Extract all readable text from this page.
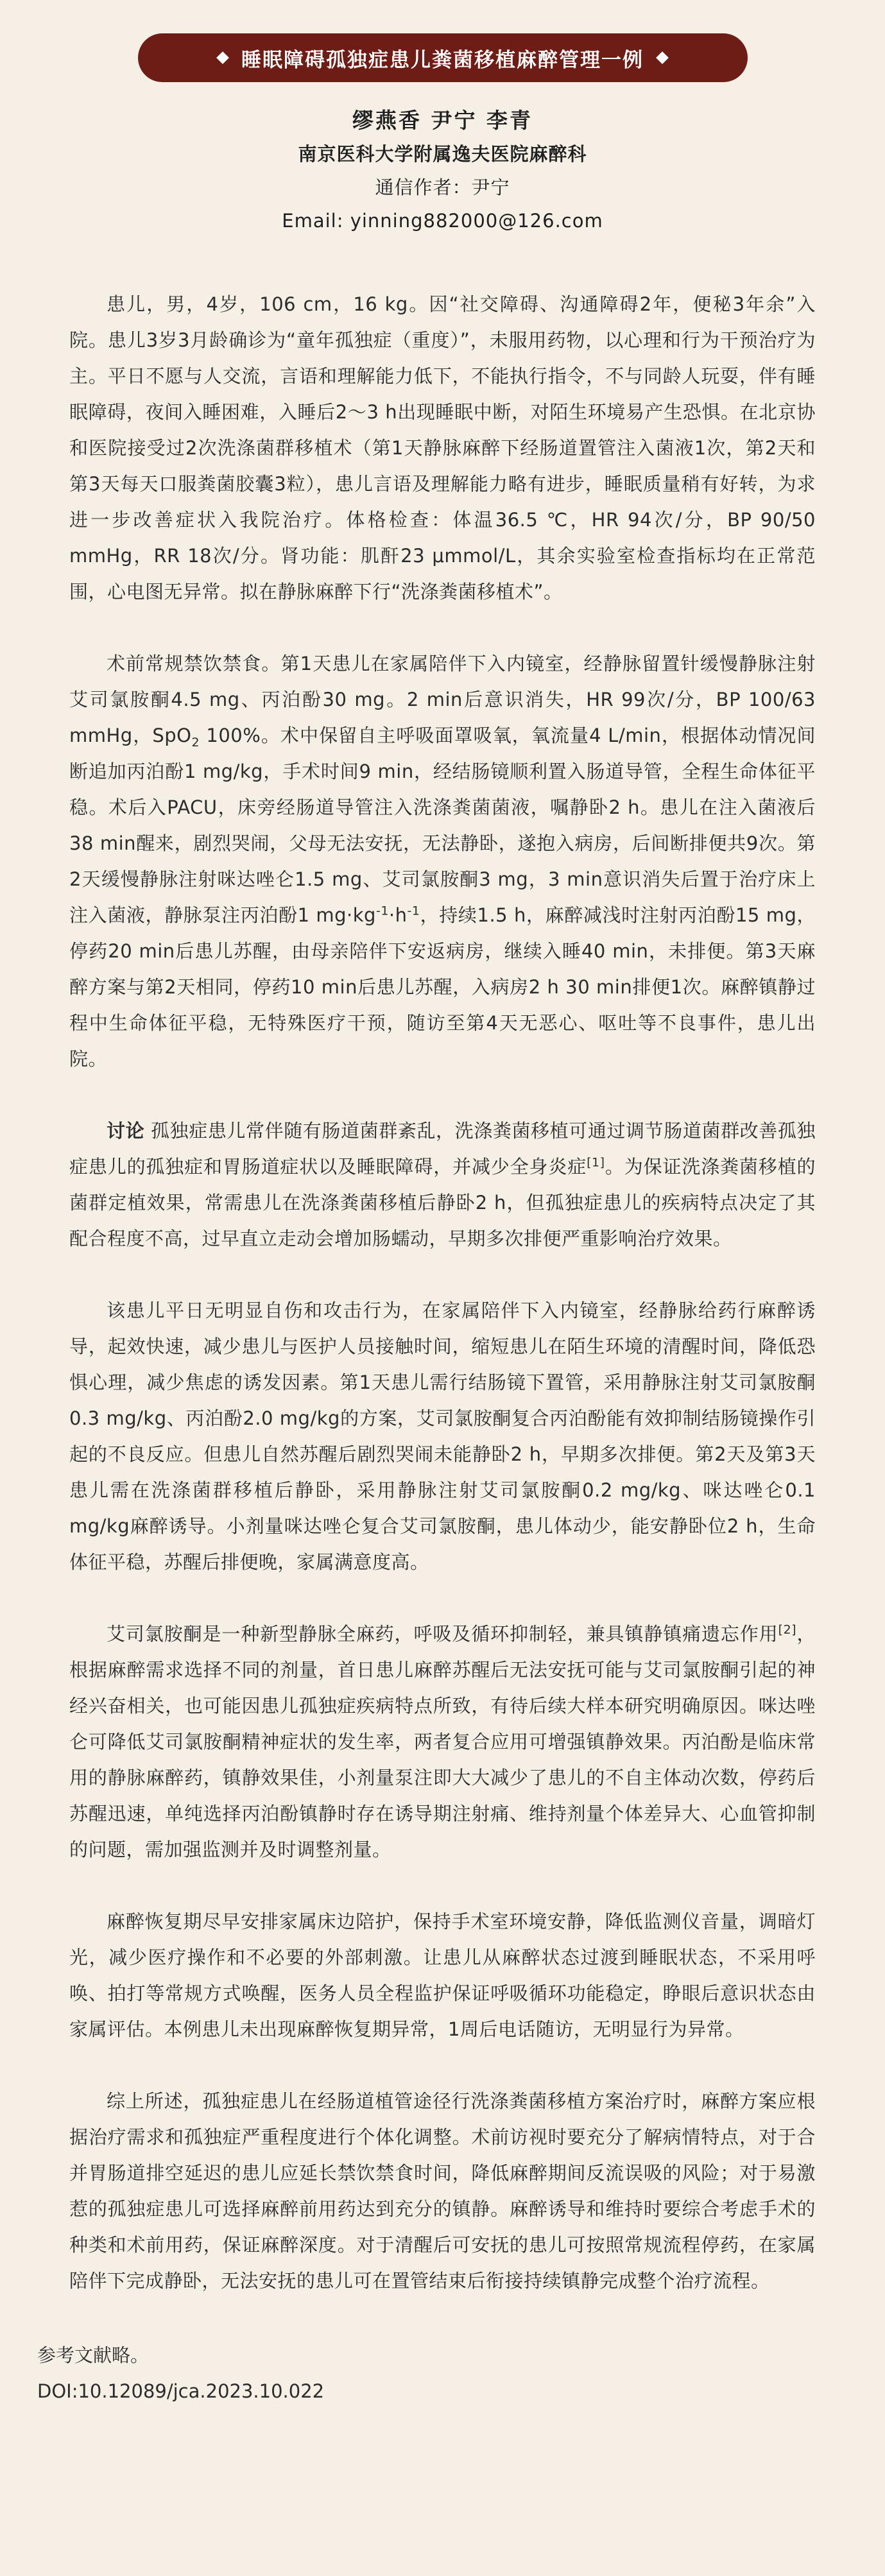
睡眠障碍孤独症患儿粪菌移植麻醉管理一例
缪燕香 尹宁 李青
南京医科大学附属逸夫医院麻醉科
通信作者：尹宁
Email: yinning882000@126.com

患儿，男，4岁，106 cm，16 kg。因“社交障碍、沟通障碍2年，便秘3年余”入院。患儿3岁3月龄确诊为“童年孤独症（重度）”，未服用药物，以心理和行为干预治疗为主。平日不愿与人交流，言语和理解能力低下，不能执行指令，不与同龄人玩耍，伴有睡眠障碍，夜间入睡困难，入睡后2～3 h出现睡眠中断，对陌生环境易产生恐惧。在北京协和医院接受过2次洗涤菌群移植术（第1天静脉麻醉下经肠道置管注入菌液1次，第2天和第3天每天口服粪菌胶囊3粒），患儿言语及理解能力略有进步，睡眠质量稍有好转，为求进一步改善症状入我院治疗。体格检查：体温36.5 ℃，HR 94次/分，BP 90/50 mmHg，RR 18次/分。肾功能：肌酐23 μmmol/L，其余实验室检查指标均在正常范围，心电图无异常。拟在静脉麻醉下行“洗涤粪菌移植术”。

术前常规禁饮禁食。第1天患儿在家属陪伴下入内镜室，经静脉留置针缓慢静脉注射艾司氯胺酮4.5 mg、丙泊酚30 mg。2 min后意识消失，HR 99次/分，BP 100/63 mmHg，SpO$_2$ 100%。术中保留自主呼吸面罩吸氧，氧流量4 L/min，根据体动情况间断追加丙泊酚1 mg/kg，手术时间9 min，经结肠镜顺利置入肠道导管，全程生命体征平稳。术后入PACU，床旁经肠道导管注入洗涤粪菌菌液，嘱静卧2 h。患儿在注入菌液后38 min醒来，剧烈哭闹，父母无法安抚，无法静卧，遂抱入病房，后间断排便共9次。第2天缓慢静脉注射咪达唑仑1.5 mg、艾司氯胺酮3 mg，3 min意识消失后置于治疗床上注入菌液，静脉泵注丙泊酚1 $mg\cdot kg^{-1}\cdot h^{-1}$，持续1.5 h，麻醉减浅时注射丙泊酚15 mg，停药20 min后患儿苏醒，由母亲陪伴下安返病房，继续入睡40 min，未排便。第3天麻醉方案与第2天相同，停药10 min后患儿苏醒，入病房2 h 30 min排便1次。麻醉镇静过程中生命体征平稳，无特殊医疗干预，随访至第4天无恶心、呕吐等不良事件，患儿出院。

讨论 孤独症患儿常伴随有肠道菌群紊乱，洗涤粪菌移植可通过调节肠道菌群改善孤独症患儿的孤独症和胃肠道症状以及睡眠障碍，并减少全身炎症[1]。为保证洗涤粪菌移植的菌群定植效果，常需患儿在洗涤粪菌移植后静卧2 h，但孤独症患儿的疾病特点决定了其配合程度不高，过早直立走动会增加肠蠕动，早期多次排便严重影响治疗效果。

该患儿平日无明显自伤和攻击行为，在家属陪伴下入内镜室，经静脉给药行麻醉诱导，起效快速，减少患儿与医护人员接触时间，缩短患儿在陌生环境的清醒时间，降低恐惧心理，减少焦虑的诱发因素。第1天患儿需行结肠镜下置管，采用静脉注射艾司氯胺酮0.3 mg/kg、丙泊酚2.0 mg/kg的方案，艾司氯胺酮复合丙泊酚能有效抑制结肠镜操作引起的不良反应。但患儿自然苏醒后剧烈哭闹未能静卧2 h，早期多次排便。第2天及第3天患儿需在洗涤菌群移植后静卧，采用静脉注射艾司氯胺酮0.2 mg/kg、咪达唑仑0.1 mg/kg麻醉诱导。小剂量咪达唑仑复合艾司氯胺酮，患儿体动少，能安静卧位2 h，生命体征平稳，苏醒后排便晚，家属满意度高。

艾司氯胺酮是一种新型静脉全麻药，呼吸及循环抑制轻，兼具镇静镇痛遗忘作用[2]，根据麻醉需求选择不同的剂量，首日患儿麻醉苏醒后无法安抚可能与艾司氯胺酮引起的神经兴奋相关，也可能因患儿孤独症疾病特点所致，有待后续大样本研究明确原因。咪达唑仑可降低艾司氯胺酮精神症状的发生率，两者复合应用可增强镇静效果。丙泊酚是临床常用的静脉麻醉药，镇静效果佳，小剂量泵注即大大减少了患儿的不自主体动次数，停药后苏醒迅速，单纯选择丙泊酚镇静时存在诱导期注射痛、维持剂量个体差异大、心血管抑制的问题，需加强监测并及时调整剂量。

麻醉恢复期尽早安排家属床边陪护，保持手术室环境安静，降低监测仪音量，调暗灯光，减少医疗操作和不必要的外部刺激。让患儿从麻醉状态过渡到睡眠状态，不采用呼唤、拍打等常规方式唤醒，医务人员全程监护保证呼吸循环功能稳定，睁眼后意识状态由家属评估。本例患儿未出现麻醉恢复期异常，1周后电话随访，无明显行为异常。

综上所述，孤独症患儿在经肠道植管途径行洗涤粪菌移植方案治疗时，麻醉方案应根据治疗需求和孤独症严重程度进行个体化调整。术前访视时要充分了解病情特点，对于合并胃肠道排空延迟的患儿应延长禁饮禁食时间，降低麻醉期间反流误吸的风险；对于易激惹的孤独症患儿可选择麻醉前用药达到充分的镇静。麻醉诱导和维持时要综合考虑手术的种类和术前用药，保证麻醉深度。对于清醒后可安抚的患儿可按照常规流程停药，在家属陪伴下完成静卧，无法安抚的患儿可在置管结束后衔接持续镇静完成整个治疗流程。

参考文献略。
DOI:10.12089/jca.2023.10.022
